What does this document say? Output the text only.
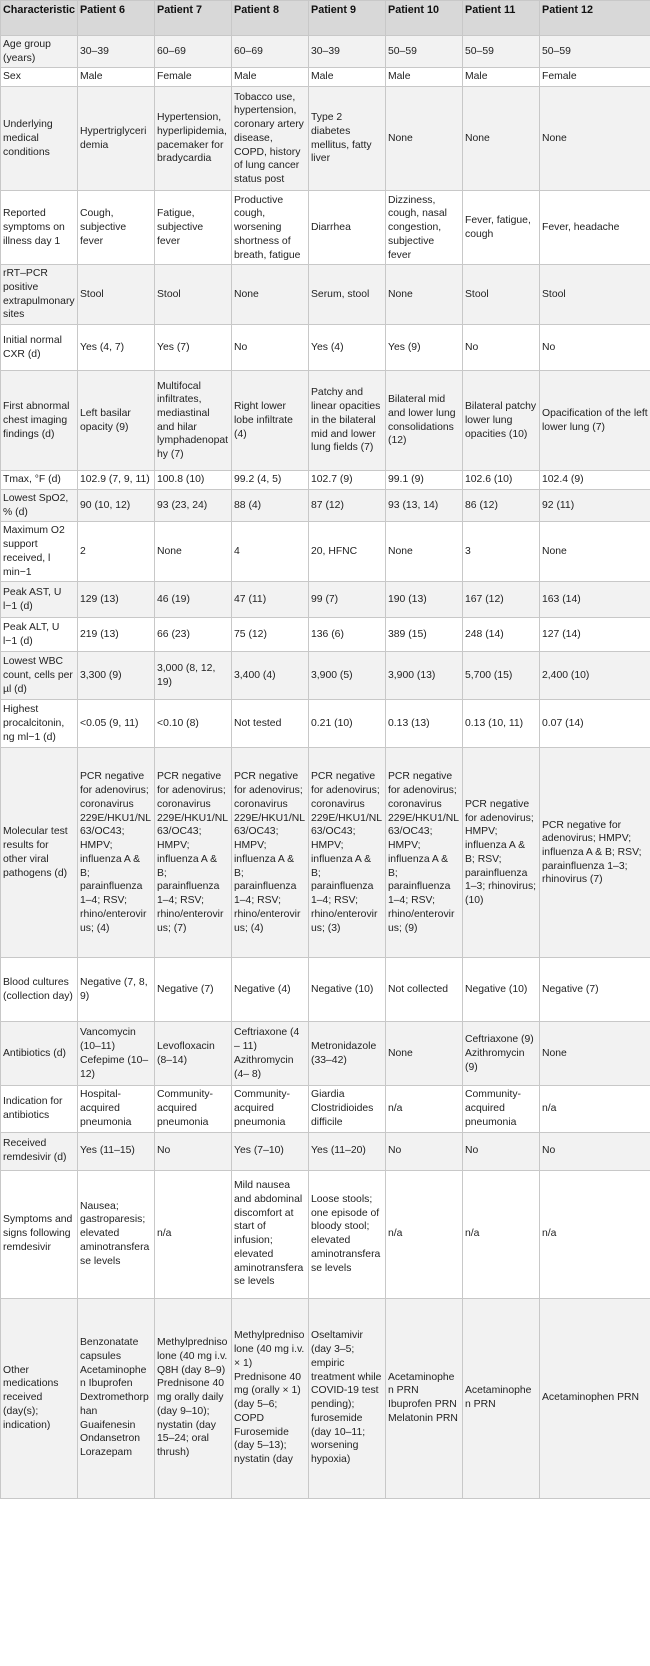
Characteristic	Patient 6	Patient 7	Patient 8	Patient 9	Patient 10	Patient 11	Patient 12
Age group (years)	30–39	60–69	60–69	30–39	50–59	50–59	50–59

Sex	Male	Female	Male	Male	Male	Male	Female

Underlying medical conditions	Hypertriglyceridemia	Hypertension, hyperlipidemia, pacemaker for bradycardia	Tobacco use, hypertension, coronary artery disease, COPD, history of lung cancer status post	Type 2 diabetes mellitus, fatty liver	None	None	None

Reported symptoms on illness day 1	Cough, subjective fever	Fatigue, subjective fever	Productive cough, worsening shortness of breath, fatigue	Diarrhea	Dizziness, cough, nasal congestion, subjective fever	Fever, fatigue, cough	Fever, headache

rRT–PCR positive extrapulmonary sites	Stool	Stool	None	Serum, stool	None	Stool	Stool

Initial normal CXR (d)	Yes (4, 7)	Yes (7)	No	Yes (4)	Yes (9)	No	No

First abnormal chest imaging findings (d)	Left basilar opacity (9)	Multifocal infiltrates, mediastinal and hilar lymphadenopathy (7)	Right lower lobe infiltrate (4)	Patchy and linear opacities in the bilateral mid and lower lung fields (7)	Bilateral mid and lower lung consolidations (12)	Bilateral patchy lower lung opacities (10)	Opacification of the left lower lung (7)

Tmax, °F (d)	102.9 (7, 9, 11)	100.8 (10)	99.2 (4, 5)	102.7 (9)	99.1 (9)	102.6 (10)	102.4 (9)

Lowest SpO2, % (d)	90 (10, 12)	93 (23, 24)	88 (4)	87 (12)	93 (13, 14)	86 (12)	92 (11)

Maximum O2 support received, l min−1	2	None	4	20, HFNC	None	3	None

Peak AST, U l−1 (d)	129 (13)	46 (19)	47 (11)	99 (7)	190 (13)	167 (12)	163 (14)

Peak ALT, U l−1 (d)	219 (13)	66 (23)	75 (12)	136 (6)	389 (15)	248 (14)	127 (14)

Lowest WBC count, cells per µl (d)	3,300 (9)	3,000 (8, 12, 19)	3,400 (4)	3,900 (5)	3,900 (13)	5,700 (15)	2,400 (10)

Highest procalcitonin, ng ml−1 (d)	<0.05 (9, 11)	<0.10 (8)	Not tested	0.21 (10)	0.13 (13)	0.13 (10, 11)	0.07 (14)

Molecular test results for other viral pathogens (d)	PCR negative for adenovirus; coronavirus 229E/HKU1/NL63/OC43; HMPV; influenza A & B; parainfluenza 1–4; RSV; rhino/enterovirus; (4)	PCR negative for adenovirus; coronavirus 229E/HKU1/NL63/OC43; HMPV; influenza A & B; parainfluenza 1–4; RSV; rhino/enterovirus; (7)	PCR negative for adenovirus; coronavirus 229E/HKU1/NL63/OC43; HMPV; influenza A & B; parainfluenza 1–4; RSV; rhino/enterovirus; (4)	PCR negative for adenovirus; coronavirus 229E/HKU1/NL63/OC43; HMPV; influenza A & B; parainfluenza 1–4; RSV; rhino/enterovirus; (3)	PCR negative for adenovirus; coronavirus 229E/HKU1/NL63/OC43; HMPV; influenza A & B; parainfluenza 1–4; RSV; rhino/enterovirus; (9)	PCR negative for adenovirus; HMPV; influenza A & B; RSV; parainfluenza 1–3; rhinovirus; (10)	PCR negative for adenovirus; HMPV; influenza A & B; RSV; parainfluenza 1–3; rhinovirus (7)

Blood cultures (collection day)	Negative (7, 8, 9)	Negative (7)	Negative (4)	Negative (10)	Not collected	Negative (10)	Negative (7)

Antibiotics (d)	Vancomycin (10–11) Cefepime (10–12)	Levofloxacin (8–14)	Ceftriaxone (4 – 11) Azithromycin (4– 8)	Metronidazole (33–42)	None	Ceftriaxone (9) Azithromycin (9)	None

Indication for antibiotics	Hospital-acquired pneumonia	Community-acquired pneumonia	Community-acquired pneumonia	Giardia Clostridioides difficile	n/a	Community-acquired pneumonia	n/a

Received remdesivir (d)	Yes (11–15)	No	Yes (7–10)	Yes (11–20)	No	No	No

Symptoms and signs following remdesivir	Nausea; gastroparesis; elevated aminotransferase levels	n/a	Mild nausea and abdominal discomfort at start of infusion; elevated aminotransferase levels	Loose stools; one episode of bloody stool; elevated aminotransferase levels	n/a	n/a	n/a

Other medications received (day(s); indication)	Benzonatate capsules Acetaminophen Ibuprofen Dextromethorphan Guaifenesin Ondansetron Lorazepam	Methylprednisolone (40 mg i.v. Q8H (day 8–9) Prednisone 40 mg orally daily (day 9–10); nystatin (day 15–24; oral thrush)	Methylprednisolone (40 mg i.v. × 1) Prednisone 40 mg (orally × 1) (day 5–6; COPD Furosemide (day 5–13); nystatin (day	Oseltamivir (day 3–5; empiric treatment while COVID-19 test pending); furosemide (day 10–11; worsening hypoxia)	Acetaminophen PRN Ibuprofen PRN Melatonin PRN	Acetaminophen PRN	Acetaminophen PRN
